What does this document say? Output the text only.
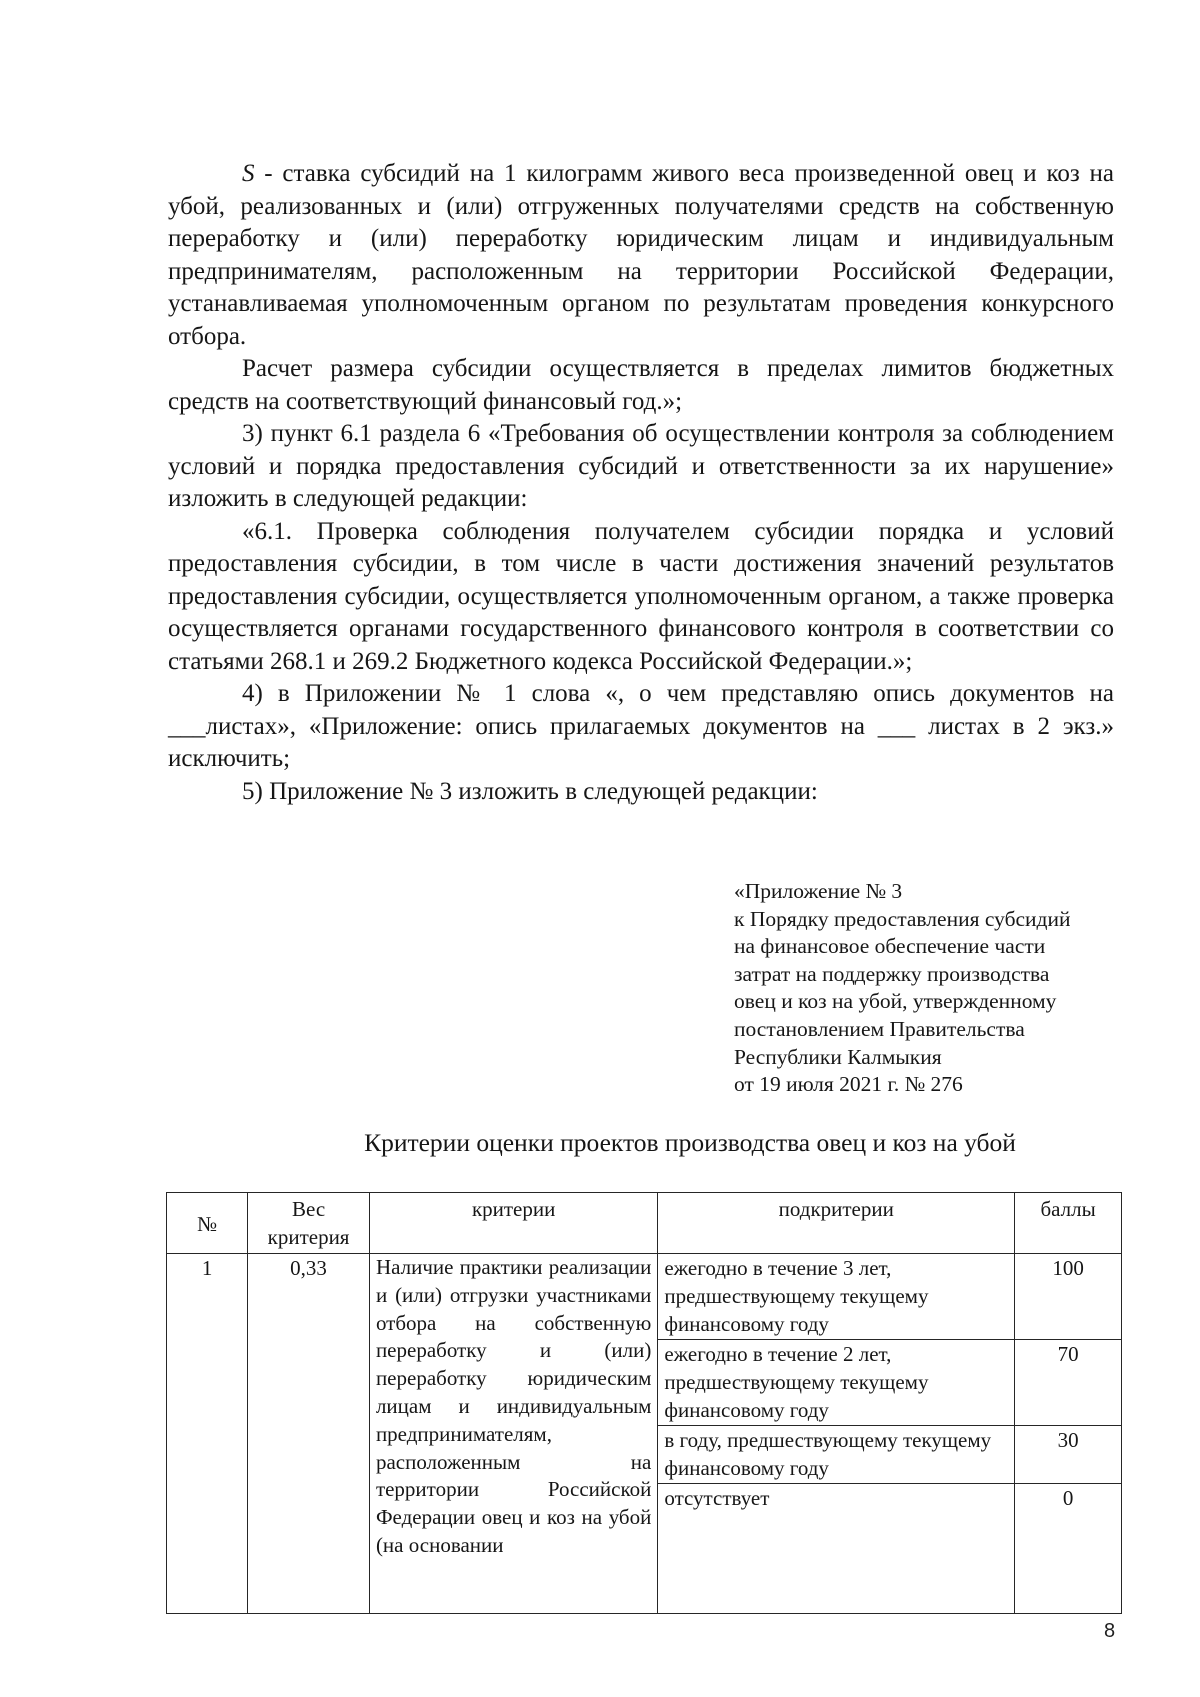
S - ставка субсидий на 1 килограмм живого веса произведенной овец и коз на убой, реализованных и (или) отгруженных получателями средств на собственную переработку и (или) переработку юридическим лицам и индивидуальным предпринимателям, расположенным на территории Российской Федерации, устанавливаемая уполномоченным органом по результатам проведения конкурсного отбора.

Расчет размера субсидии осуществляется в пределах лимитов бюджетных средств на соответствующий финансовый год.»;

3) пункт 6.1 раздела 6 «Требования об осуществлении контроля за соблюдением условий и порядка предоставления субсидий и ответственности за их нарушение» изложить в следующей редакции:

«6.1. Проверка соблюдения получателем субсидии порядка и условий предоставления субсидии, в том числе в части достижения значений результатов предоставления субсидии, осуществляется уполномоченным органом, а также проверка осуществляется органами государственного финансового контроля в соответствии со статьями 268.1 и 269.2 Бюджетного кодекса Российской Федерации.»;

4) в Приложении № 1 слова «, о чем представляю опись документов на ___листах», «Приложение: опись прилагаемых документов на ___ листах в 2 экз.» исключить;

5) Приложение № 3 изложить в следующей редакции:

«Приложение № 3
к Порядку предоставления субсидий
на финансовое обеспечение части
затрат на поддержку производства
овец и коз на убой, утвержденному
постановлением Правительства
Республики Калмыкия
от 19 июля 2021 г. № 276
Критерии оценки проектов производства овец и коз на убой
№	Вес критерия	критерии	подкритерии	баллы
1	0,33	Наличие практики реализации и (или) отгрузки участниками отбора на собственную переработку и (или) переработку юридическим лицам и индивидуальным предпринимателям, расположенным на территории Российской Федерации овец и коз на убой (на основании	ежегодно в течение 3 лет, предшествующему текущему финансовому году	100
			ежегодно в течение 2 лет, предшествующему текущему финансовому году	70
			в году, предшествующему текущему финансовому году	30
			отсутствует	0
8
